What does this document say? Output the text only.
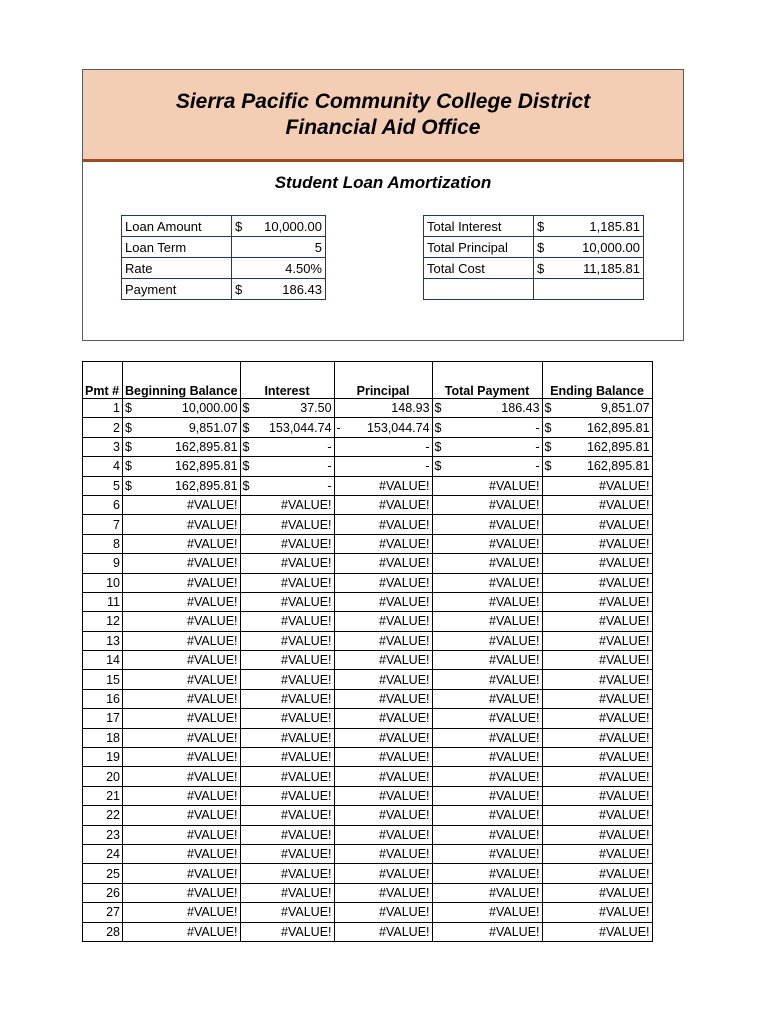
Sierra Pacific Community College District
Financial Aid Office
Student Loan Amortization
Loan Amount	$ 10,000.00

Loan Term	5

Rate	4.50%

Payment	$ 186.43
Total Interest	$ 1,185.81

Total Principal	$ 10,000.00

Total Cost	$ 11,185.81

Pmt #	Beginning Balance	Interest	Principal	Total Payment	Ending Balance

1	$ 10,000.00	$ 37.50	148.93	$ 186.43	$ 9,851.07

2	$ 9,851.07	$ 153,044.74	- 153,044.74	$ -	$ 162,895.81

3	$ 162,895.81	$ -	-	$ -	$ 162,895.81

4	$ 162,895.81	$ -	-	$ -	$ 162,895.81

5	$ 162,895.81	$ -	#VALUE!	#VALUE!	#VALUE!

6	#VALUE!	#VALUE!	#VALUE!	#VALUE!	#VALUE!

7	#VALUE!	#VALUE!	#VALUE!	#VALUE!	#VALUE!

8	#VALUE!	#VALUE!	#VALUE!	#VALUE!	#VALUE!

9	#VALUE!	#VALUE!	#VALUE!	#VALUE!	#VALUE!

10	#VALUE!	#VALUE!	#VALUE!	#VALUE!	#VALUE!

11	#VALUE!	#VALUE!	#VALUE!	#VALUE!	#VALUE!

12	#VALUE!	#VALUE!	#VALUE!	#VALUE!	#VALUE!

13	#VALUE!	#VALUE!	#VALUE!	#VALUE!	#VALUE!

14	#VALUE!	#VALUE!	#VALUE!	#VALUE!	#VALUE!

15	#VALUE!	#VALUE!	#VALUE!	#VALUE!	#VALUE!

16	#VALUE!	#VALUE!	#VALUE!	#VALUE!	#VALUE!

17	#VALUE!	#VALUE!	#VALUE!	#VALUE!	#VALUE!

18	#VALUE!	#VALUE!	#VALUE!	#VALUE!	#VALUE!

19	#VALUE!	#VALUE!	#VALUE!	#VALUE!	#VALUE!

20	#VALUE!	#VALUE!	#VALUE!	#VALUE!	#VALUE!

21	#VALUE!	#VALUE!	#VALUE!	#VALUE!	#VALUE!

22	#VALUE!	#VALUE!	#VALUE!	#VALUE!	#VALUE!

23	#VALUE!	#VALUE!	#VALUE!	#VALUE!	#VALUE!

24	#VALUE!	#VALUE!	#VALUE!	#VALUE!	#VALUE!

25	#VALUE!	#VALUE!	#VALUE!	#VALUE!	#VALUE!

26	#VALUE!	#VALUE!	#VALUE!	#VALUE!	#VALUE!

27	#VALUE!	#VALUE!	#VALUE!	#VALUE!	#VALUE!

28	#VALUE!	#VALUE!	#VALUE!	#VALUE!	#VALUE!
